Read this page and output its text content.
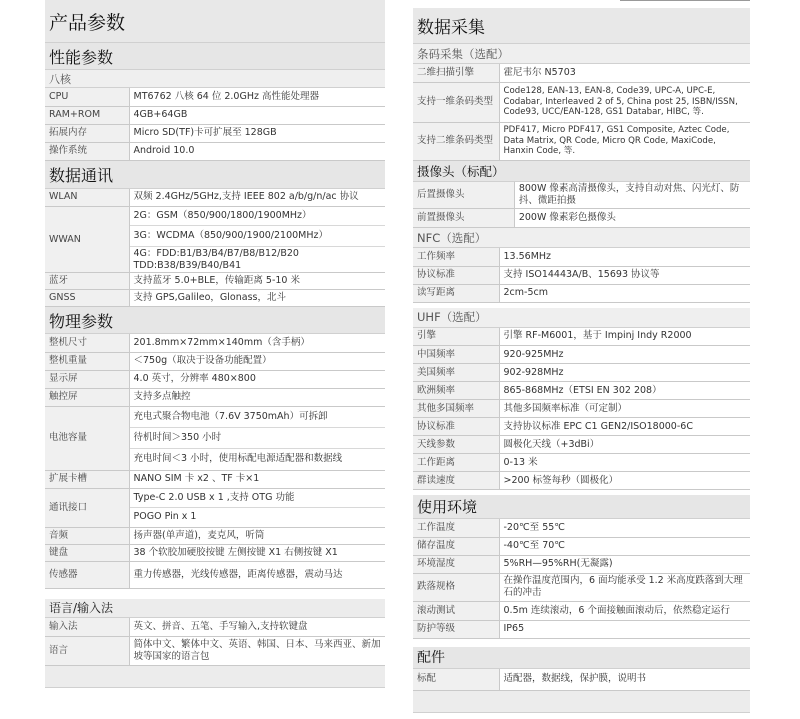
产品参数
性能参数
八核
CPU	MT6762 八核 64 位 2.0GHz 高性能处理器
RAM+ROM	4GB+64GB
拓展内存	Micro SD(TF)卡可扩展至 128GB
操作系统	Android 10.0
数据通讯
WLAN	双频 2.4GHz/5GHz,支持 IEEE 802 a/b/g/n/ac 协议

WWAN	2G：GSM（850/900/1800/1900MHz）
3G：WCDMA（850/900/1900/2100MHz）
4G：FDD:B1/B3/B4/B7/B8/B12/B20
TDD:B38/B39/B40/B41

蓝牙	支持蓝牙 5.0+BLE，传输距离 5-10 米

GNSS	支持 GPS,Galileo，Glonass，北斗
物理参数
整机尺寸	201.8mm×72mm×140mm（含手柄）

整机重量	＜750g（取决于设备功能配置）

显示屏	4.0 英寸，分辨率 480×800

触控屏	支持多点触控

电池容量	充电式聚合物电池（7.6V 3750mAh）可拆卸
待机时间＞350 小时
充电时间＜3 小时，使用标配电源适配器和数据线

扩展卡槽	NANO SIM 卡 x2 、TF 卡×1

通讯接口	Type-C 2.0 USB x 1 ,支持 OTG 功能
POGO Pin x 1

音频	扬声器(单声道)，麦克风，听筒

键盘	38 个软胶加硬胶按键 左侧按键 X1 右侧按键 X1

传感器	重力传感器，光线传感器，距离传感器，震动马达
语言/输入法
输入法	英文、拼音、五笔、手写输入,支持软键盘

语言	简体中文、繁体中文、英语、韩国、日本、马来西亚、新加坡等国家的语言包
数据采集
条码采集（选配）
二维扫描引擎	霍尼韦尔 N5703
支持一维条码类型	Code128, EAN-13, EAN-8, Code39, UPC-A, UPC-E, Codabar, Interleaved 2 of 5, China post 25, ISBN/ISSN, Code93, UCC/EAN-128, GS1 Databar, HIBC, 等.
支持二维条码类型	PDF417, Micro PDF417, GS1 Composite, Aztec Code, Data Matrix, QR Code, Micro QR Code, MaxiCode, Hanxin Code, 等.
摄像头（标配）
后置摄像头	800W 像素高清摄像头，支持自动对焦、闪光灯、防抖、微距拍摄
前置摄像头	200W 像素彩色摄像头
NFC（选配）
工作频率	13.56MHz
协议标准	支持 ISO14443A/B、15693 协议等
读写距离	2cm-5cm
UHF（选配）
引擎	引擎 RF-M6001，基于 Impinj Indy R2000
中国频率	920-925MHz
美国频率	902-928MHz
欧洲频率	865-868MHz（ETSI EN 302 208）
其他多国频率	其他多国频率标准（可定制）
协议标准	支持协议标准 EPC C1 GEN2/ISO18000-6C
天线参数	圆极化天线（+3dBi）
工作距离	0-13 米
群读速度	>200 标签每秒（圆极化）
使用环境
工作温度	-20℃至 55℃
储存温度	-40℃至 70℃
环境湿度	5%RH—95%RH(无凝露)
跌落规格	在操作温度范围内，6 面均能承受 1.2 米高度跌落到大理石的冲击
滚动测试	0.5m 连续滚动，6 个面接触面滚动后，依然稳定运行
防护等级	IP65
配件
标配	适配器，数据线，保护膜，说明书
